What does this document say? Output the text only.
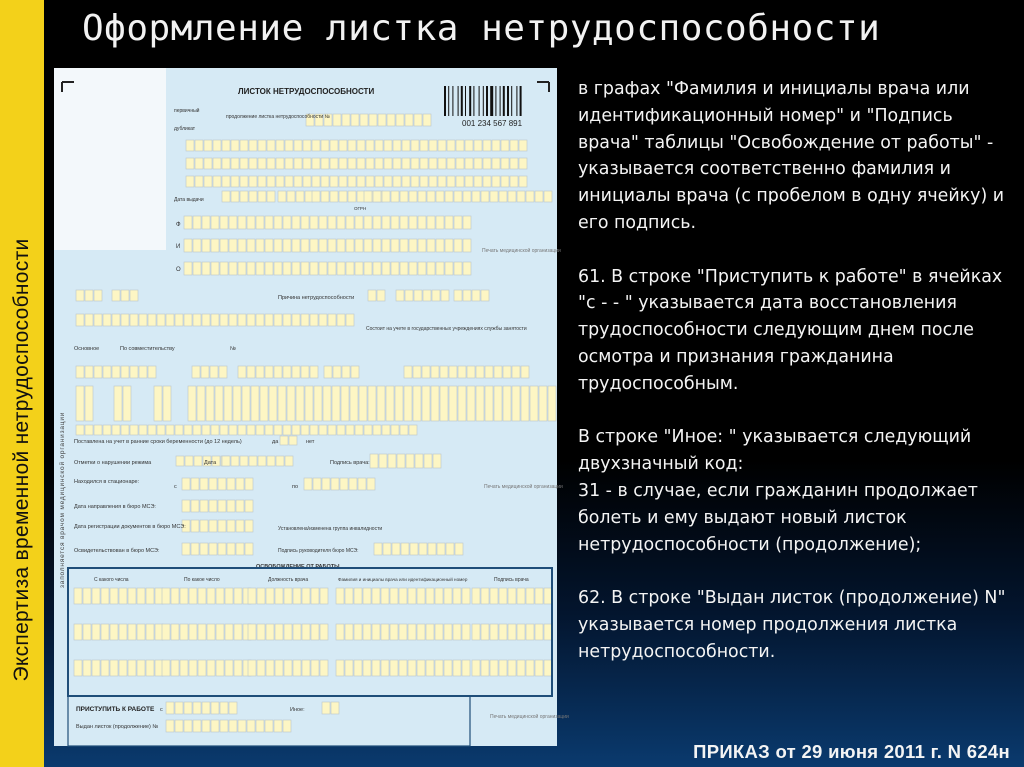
Экспертиза временной нетрудоспособности
Оформление листка нетрудоспособности
ЛИСТОК НЕТРУДОСПОСОБНОСТИ
001 234 567 891
первичный
дубликат
продолжение листка нетрудоспособности №
Дата выдачи
ОГРН
Ф
И
О
Печать медицинской организации
Причина нетрудоспособности
Основное	По совместительству	№
Состоит на учете в государственных учреждениях службы занятости
Поставлена на учет в ранние сроки беременности (до 12 недель)	да	нет
Отметки о нарушении режима	Дата	Подпись врача:
Находился в стационаре:
с	по
Дата направления в бюро МСЭ:
Дата регистрации документов в бюро МСЭ:
Освидетельствован в бюро МСЭ:
Установлена/изменена группа инвалидности
Подпись руководителя бюро МСЭ:
Печать медицинской организации
ОСВОБОЖДЕНИЕ ОТ РАБОТЫ
С какого числа	По какое число	Должность врача	Фамилия и инициалы врача или идентификационный номер	Подпись врача
ПРИСТУПИТЬ К РАБОТЕ с	Иное:
Выдан листок (продолжение) №
Печать медицинской организации
заполняется врачом медицинской организации

в графах "Фамилия и инициалы врача или идентификационный номер" и "Подпись врача" таблицы "Освобождение от работы" - указывается соответственно фамилия и инициалы врача (с пробелом в одну ячейку) и его подпись.

61. В строке "Приступить к работе" в ячейках "с - - " указывается дата восстановления трудоспособности следующим днем после осмотра и признания гражданина трудоспособным.

В строке "Иное: " указывается следующий двухзначный код:

31 - в случае, если гражданин продолжает болеть и ему выдают новый листок нетрудоспособности (продолжение);

62. В строке "Выдан листок (продолжение) N" указывается номер продолжения листка нетрудоспособности.

ПРИКАЗ от 29 июня 2011 г. N 624н
